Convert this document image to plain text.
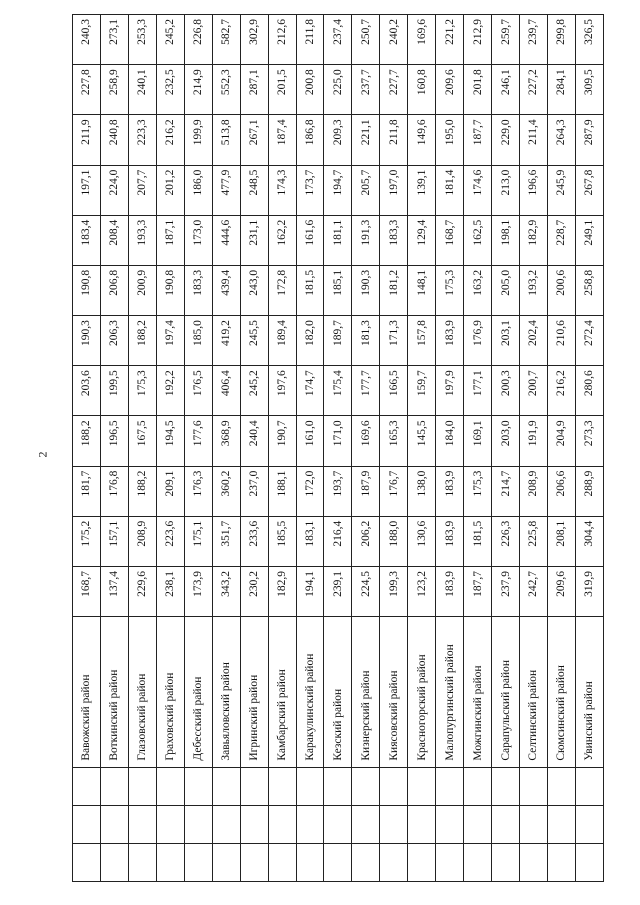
2
			Вавожский район	168,7	175,2	181,7	188,2	203,6	190,3	190,8	183,4	197,1	211,9	227,8	240,3
			Воткинский район	137,4	157,1	176,8	196,5	199,5	206,3	206,8	208,4	224,0	240,8	258,9	273,1
			Глазовский район	229,6	208,9	188,2	167,5	175,3	188,2	200,9	193,3	207,7	223,3	240,1	253,3
			Граховский район	238,1	223,6	209,1	194,5	192,2	197,4	190,8	187,1	201,2	216,2	232,5	245,2
			Дебесский район	173,9	175,1	176,3	177,6	176,5	185,0	183,3	173,0	186,0	199,9	214,9	226,8
			Завьяловский район	343,2	351,7	360,2	368,9	406,4	419,2	439,4	444,6	477,9	513,8	552,3	582,7
			Игринский район	230,2	233,6	237,0	240,4	245,2	245,5	243,0	231,1	248,5	267,1	287,1	302,9
			Камбарский район	182,9	185,5	188,1	190,7	197,6	189,4	172,8	162,2	174,3	187,4	201,5	212,6
			Каракулинский район	194,1	183,1	172,0	161,0	174,7	182,0	181,5	161,6	173,7	186,8	200,8	211,8
			Кезский район	239,1	216,4	193,7	171,0	175,4	189,7	185,1	181,1	194,7	209,3	225,0	237,4
			Кизнерский район	224,5	206,2	187,9	169,6	177,7	181,3	190,3	191,3	205,7	221,1	237,7	250,7
			Киясовский район	199,3	188,0	176,7	165,3	166,5	171,3	181,2	183,3	197,0	211,8	227,7	240,2
			Красногорский район	123,2	130,6	138,0	145,5	159,7	157,8	148,1	129,4	139,1	149,6	160,8	169,6
			Малопургинский район	183,9	183,9	183,9	184,0	197,9	183,9	175,3	168,7	181,4	195,0	209,6	221,2
			Можгинский район	187,7	181,5	175,3	169,1	177,1	176,9	163,2	162,5	174,6	187,7	201,8	212,9
			Сарапульский район	237,9	226,3	214,7	203,0	200,3	203,1	205,0	198,1	213,0	229,0	246,1	259,7
			Селтинский район	242,7	225,8	208,9	191,9	200,7	202,4	193,2	182,9	196,6	211,4	227,2	239,7
			Сюмсинский район	209,6	208,1	206,6	204,9	216,2	210,6	200,6	228,7	245,9	264,3	284,1	299,8
			Увинский район	319,9	304,4	288,9	273,3	280,6	272,4	258,8	249,1	267,8	287,9	309,5	326,5
